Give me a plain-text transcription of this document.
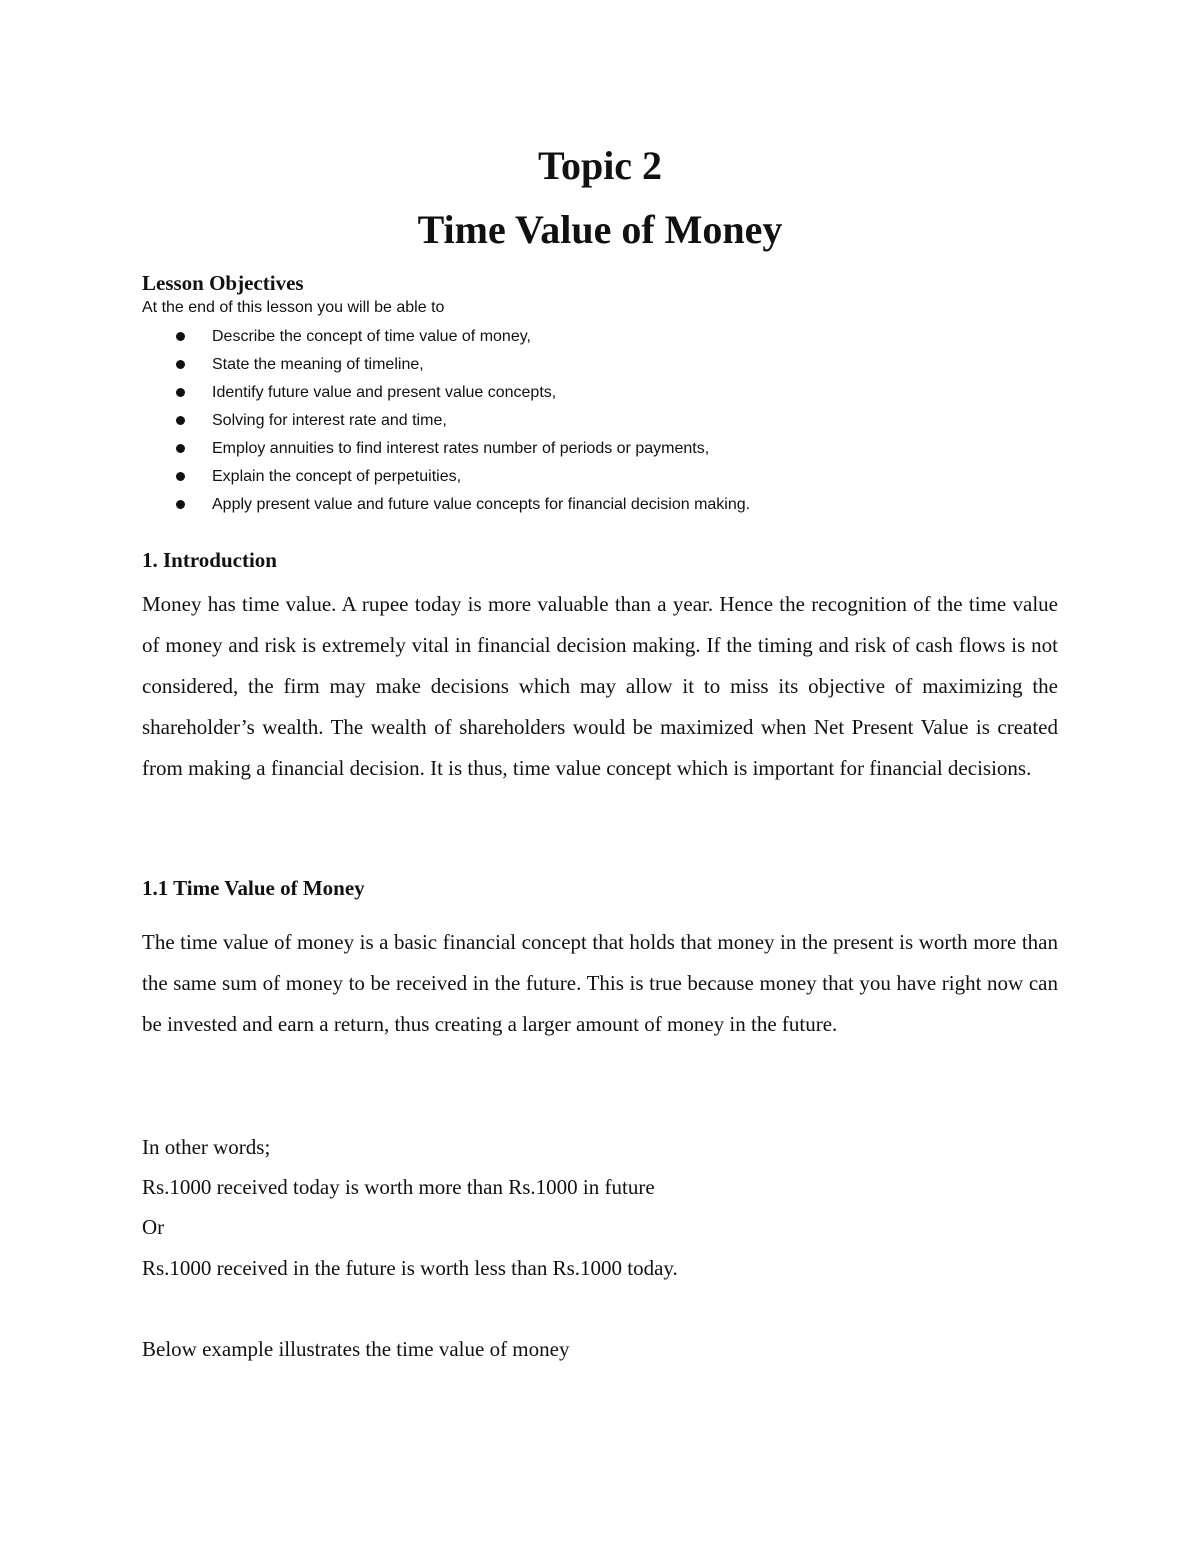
Topic 2
Time Value of Money
Lesson Objectives
At the end of this lesson you will be able to
Describe the concept of time value of money,
State the meaning of timeline,
Identify future value and present value concepts,
Solving for interest rate and time,
Employ annuities to find interest rates number of periods or payments,
Explain the concept of perpetuities,
Apply present value and future value concepts for financial decision making.
1. Introduction

Money has time value. A rupee today is more valuable than a year. Hence the recognition of the time value of money and risk is extremely vital in financial decision making. If the timing and risk of cash flows is not considered, the firm may make decisions which may allow it to miss its objective of maximizing the shareholder’s wealth. The wealth of shareholders would be maximized when Net Present Value is created from making a financial decision. It is thus, time value concept which is important for financial decisions.

1.1 Time Value of Money

The time value of money is a basic financial concept that holds that money in the present is worth more than the same sum of money to be received in the future. This is true because money that you have right now can be invested and earn a return, thus creating a larger amount of money in the future.

In other words;

Rs.1000 received today is worth more than Rs.1000 in future

Or

Rs.1000 received in the future is worth less than Rs.1000 today.

Below example illustrates the time value of money
